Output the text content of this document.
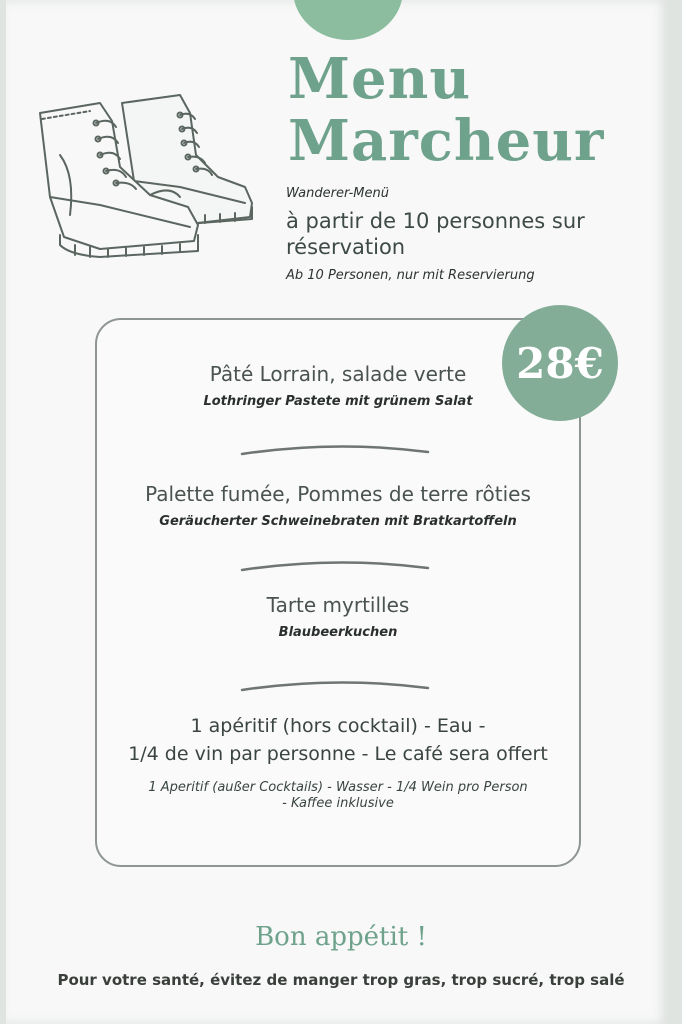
Menu
Marcheur
Wanderer-Menü
à partir de 10 personnes sur réservation
Ab 10 Personen, nur mit Reservierung
28€
Pâté Lorrain, salade verte
Lothringer Pastete mit grünem Salat
Palette fumée, Pommes de terre rôties
Geräucherter Schweinebraten mit Bratkartoffeln
Tarte myrtilles
Blaubeerkuchen
1 apéritif (hors cocktail) - Eau -
1/4 de vin par personne - Le café sera offert
1 Aperitif (außer Cocktails) - Wasser - 1/4 Wein pro Person
- Kaffee inklusive
Bon appétit !
Pour votre santé, évitez de manger trop gras, trop sucré, trop salé
